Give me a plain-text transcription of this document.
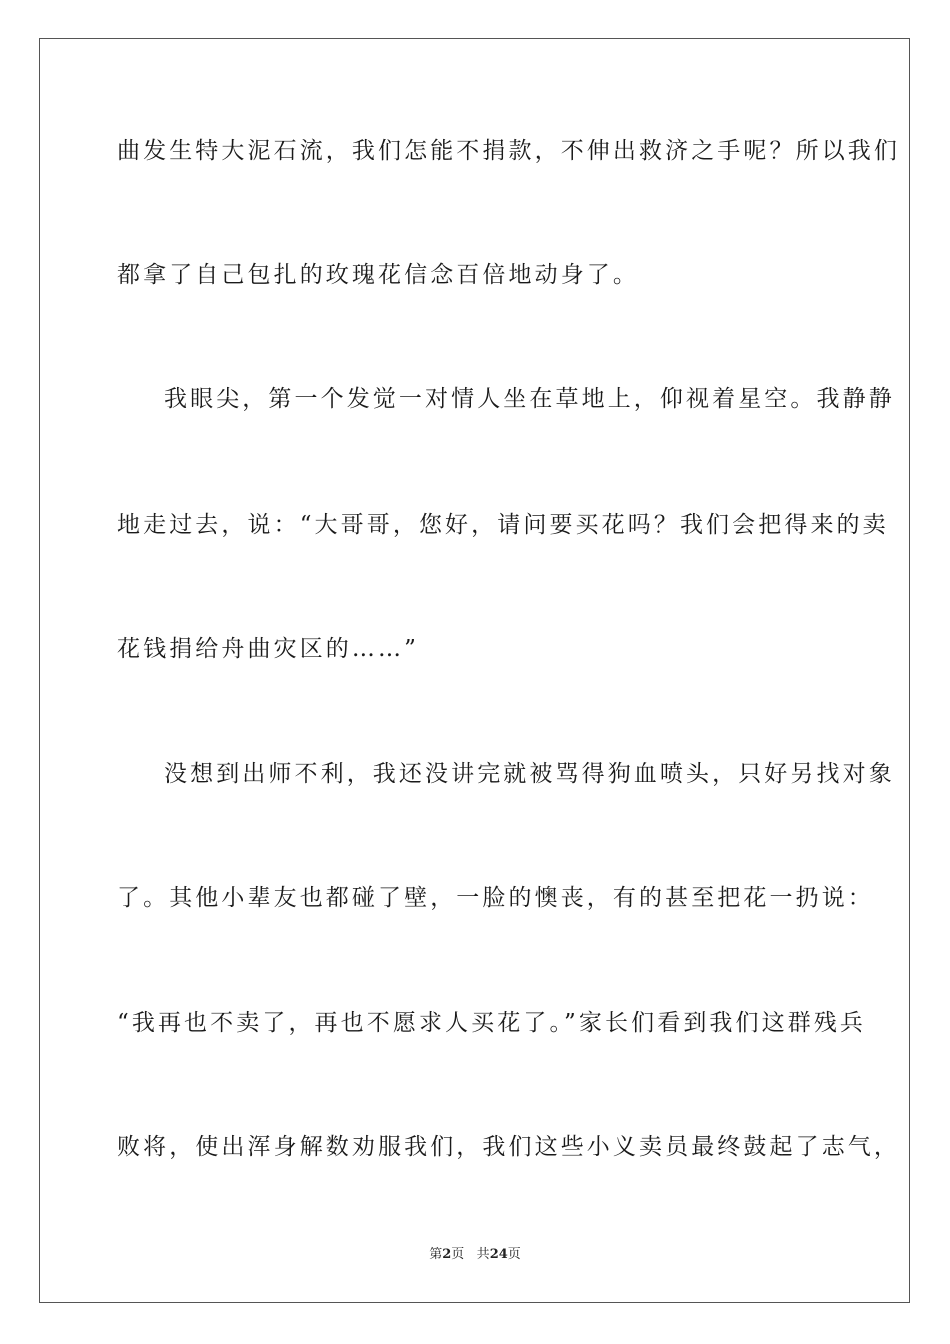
曲发生特大泥石流，我们怎能不捐款，不伸出救济之手呢？所以我们
都拿了自己包扎的玫瑰花信念百倍地动身了。
我眼尖，第一个发觉一对情人坐在草地上，仰视着星空。我静静
地走过去，说：“大哥哥，您好，请问要买花吗？我们会把得来的卖
花钱捐给舟曲灾区的……”
没想到出师不利，我还没讲完就被骂得狗血喷头，只好另找对象
了。其他小辈友也都碰了壁，一脸的懊丧，有的甚至把花一扔说：
“我再也不卖了，再也不愿求人买花了。”家长们看到我们这群残兵
败将，使出浑身解数劝服我们，我们这些小义卖员最终鼓起了志气，
第2页 共24页
